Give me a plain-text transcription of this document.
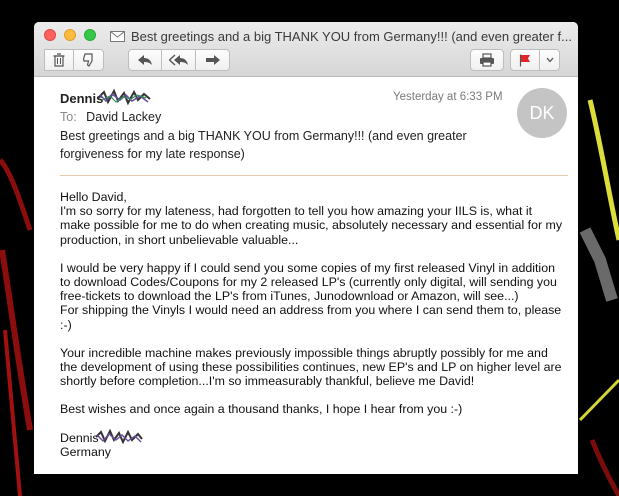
Best greetings and a big THANK YOU from Germany!!! (and even greater f...
Dennis	Yesterday at 6:33 PM
To: David Lackey
Best greetings and a big THANK YOU from Germany!!! (and even greater forgiveness for my late response)
DK

Hello David,
I'm so sorry for my lateness, had forgotten to tell you how amazing your IILS is, what it make possible for me to do when creating music, absolutely necessary and essential for my production, in short unbelievable valuable...

I would be very happy if I could send you some copies of my first released Vinyl in addition to download Codes/Coupons for my 2 released LP's (currently only digital, will sending you free-tickets to download the LP's from iTunes, Junodownload or Amazon, will see...)
For shipping the Vinyls I would need an address from you where I can send them to, please :-)

Your incredible machine makes previously impossible things abruptly possibly for me and the development of using these possibilities continues, new EP's and LP on higher level are shortly before completion...I'm so immeasurably thankful, believe me David!

Best wishes and once again a thousand thanks, I hope I hear from you :-)

Dennis
Germany
